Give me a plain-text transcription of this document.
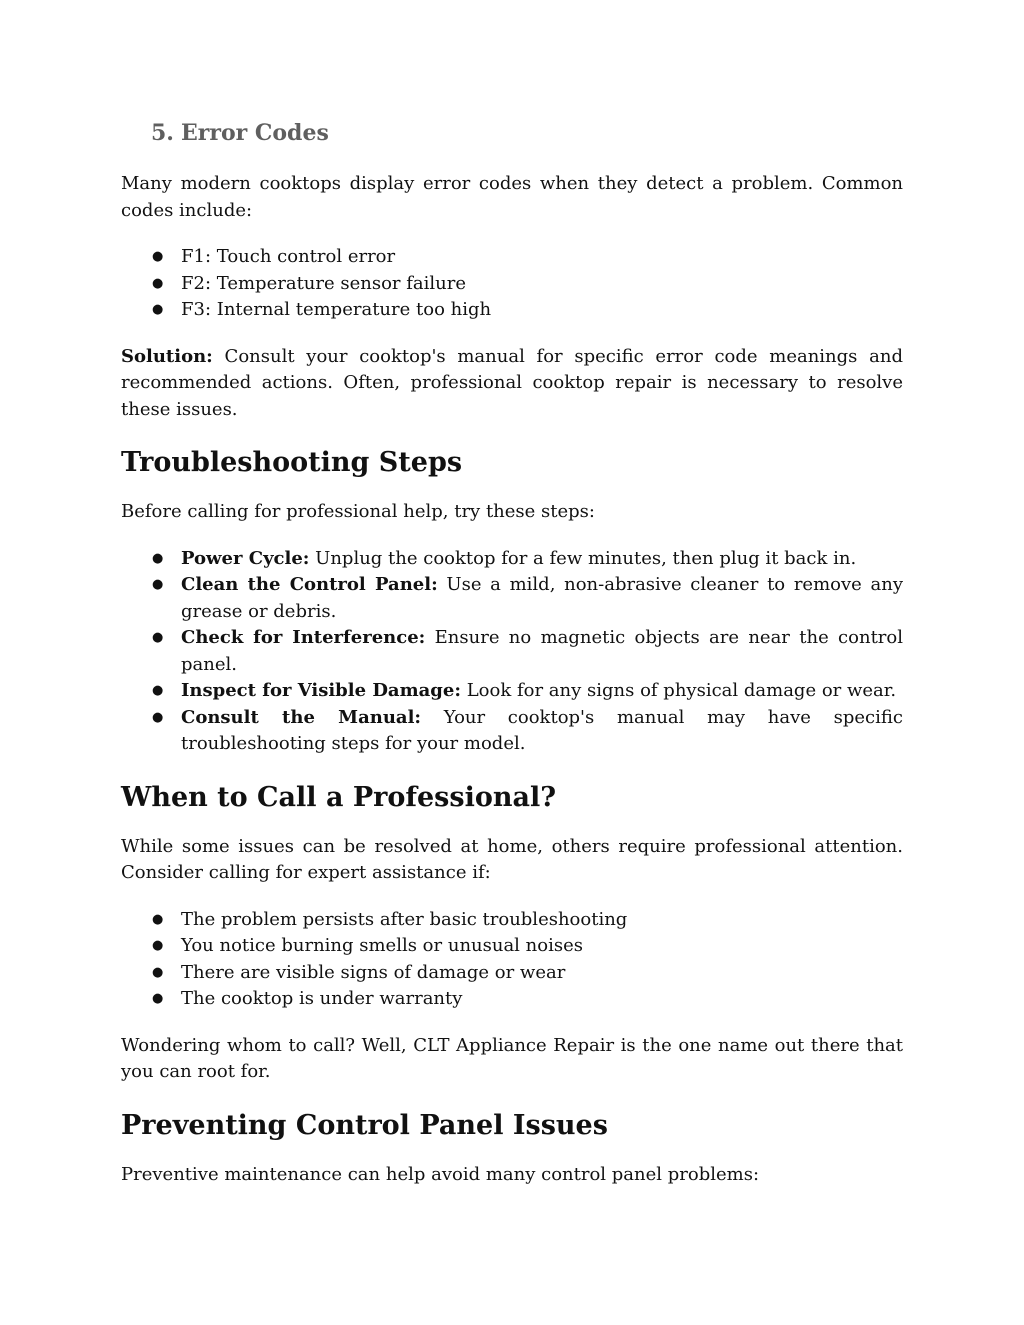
5. Error Codes

Many modern cooktops display error codes when they detect a problem. Common codes include:

● F1: Touch control error
● F2: Temperature sensor failure
● F3: Internal temperature too high

Solution: Consult your cooktop's manual for specific error code meanings and recommended actions. Often, professional cooktop repair is necessary to resolve these issues.

Troubleshooting Steps

Before calling for professional help, try these steps:

● Power Cycle: Unplug the cooktop for a few minutes, then plug it back in.
● Clean the Control Panel: Use a mild, non-abrasive cleaner to remove any grease or debris.
● Check for Interference: Ensure no magnetic objects are near the control panel.
● Inspect for Visible Damage: Look for any signs of physical damage or wear.
● Consult the Manual: Your cooktop's manual may have specific troubleshooting steps for your model.
When to Call a Professional?

While some issues can be resolved at home, others require professional attention. Consider calling for expert assistance if:

● The problem persists after basic troubleshooting
● You notice burning smells or unusual noises
● There are visible signs of damage or wear
● The cooktop is under warranty

Wondering whom to call? Well, CLT Appliance Repair is the one name out there that you can root for.

Preventing Control Panel Issues

Preventive maintenance can help avoid many control panel problems:
